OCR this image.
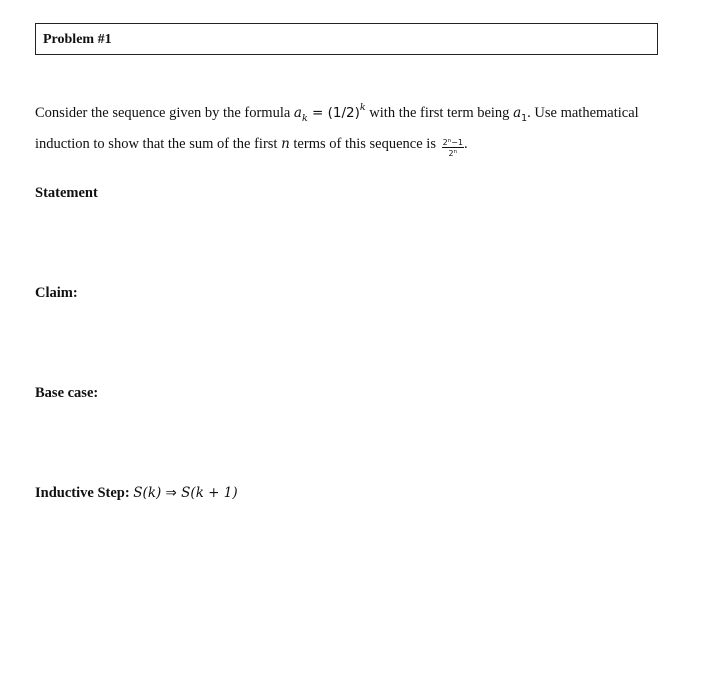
Problem #1
Consider the sequence given by the formula $a_k = (1/2)^k$ with the first term being $a_1$. Use mathematical
induction to show that the sum of the first n terms of this sequence is $\frac{2^n-1}{2^n}$ .
Statement
Claim:
Base case:
Inductive Step: S(k) ⇒ S(k + 1)
